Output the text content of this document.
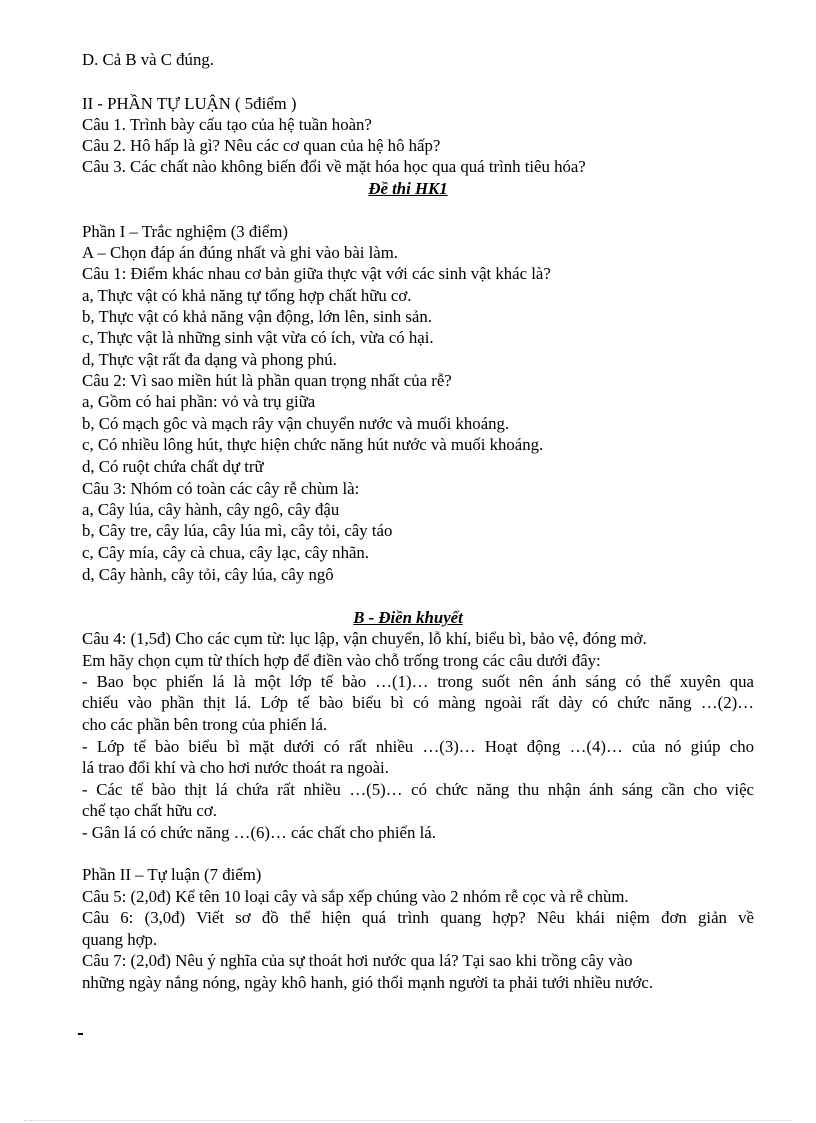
D. Cả B và C đúng.
II - PHẦN TỰ LUẬN ( 5điểm )
Câu 1. Trình bày cấu tạo của hệ tuần hoàn?
Câu 2. Hô hấp là gì? Nêu các cơ quan của hệ hô hấp?
Câu 3. Các chất nào không biến đổi về mặt hóa học qua quá trình tiêu hóa?
Đề thi HK1
Phần I – Trắc nghiệm (3 điểm)
A – Chọn đáp án đúng nhất và ghi vào bài làm.
Câu 1: Điểm khác nhau cơ bản giữa thực vật với các sinh vật khác là?
a, Thực vật có khả năng tự tổng hợp chất hữu cơ.
b, Thực vật có khả năng vận động, lớn lên, sinh sản.
c, Thực vật là những sinh vật vừa có ích, vừa có hại.
d, Thực vật rất đa dạng và phong phú.
Câu 2: Vì sao miền hút là phần quan trọng nhất của rễ?
a, Gồm có hai phần: vỏ và trụ giữa
b, Có mạch gôc và mạch rây vận chuyển nước và muối khoáng.
c, Có nhiều lông hút, thực hiện chức năng hút nước và muối khoáng.
d, Có ruột chứa chất dự trữ
Câu 3: Nhóm có toàn các cây rễ chùm là:
a, Cây lúa, cây hành, cây ngô, cây đậu
b, Cây tre, cây lúa, cây lúa mì, cây tỏi, cây táo
c, Cây mía, cây cà chua, cây lạc, cây nhãn.
d, Cây hành, cây tỏi, cây lúa, cây ngô
B - Điền khuyết
Câu 4: (1,5đ) Cho các cụm từ: lục lập, vận chuyển, lỗ khí, biểu bì, bảo vệ, đóng mở.
Em hãy chọn cụm từ thích hợp để điền vào chỗ trống trong các câu dưới đây:
- Bao bọc phiến lá là một lớp tế bào …(1)… trong suốt nên ánh sáng có thể xuyên qua
chiếu vào phần thịt lá. Lớp tế bào biểu bì có màng ngoài rất dày có chức năng …(2)…
cho các phần bên trong của phiến lá.
- Lớp tế bào biểu bì mặt dưới có rất nhiều …(3)… Hoạt động …(4)… của nó giúp cho
lá trao đổi khí và cho hơi nước thoát ra ngoài.
- Các tế bào thịt lá chứa rất nhiều …(5)… có chức năng thu nhận ánh sáng cần cho việc
chế tạo chất hữu cơ.
- Gân lá có chức năng …(6)… các chất cho phiến lá.
Phần II – Tự luận (7 điểm)
Câu 5: (2,0đ) Kể tên 10 loại cây và sắp xếp chúng vào 2 nhóm rễ cọc và rễ chùm.
Câu 6: (3,0đ) Viết sơ đồ thể hiện quá trình quang hợp? Nêu khái niệm đơn giản về
quang hợp.
Câu 7: (2,0đ) Nêu ý nghĩa của sự thoát hơi nước qua lá? Tại sao khi trồng cây vào
những ngày nắng nóng, ngày khô hanh, gió thổi mạnh người ta phải tưới nhiều nước.
